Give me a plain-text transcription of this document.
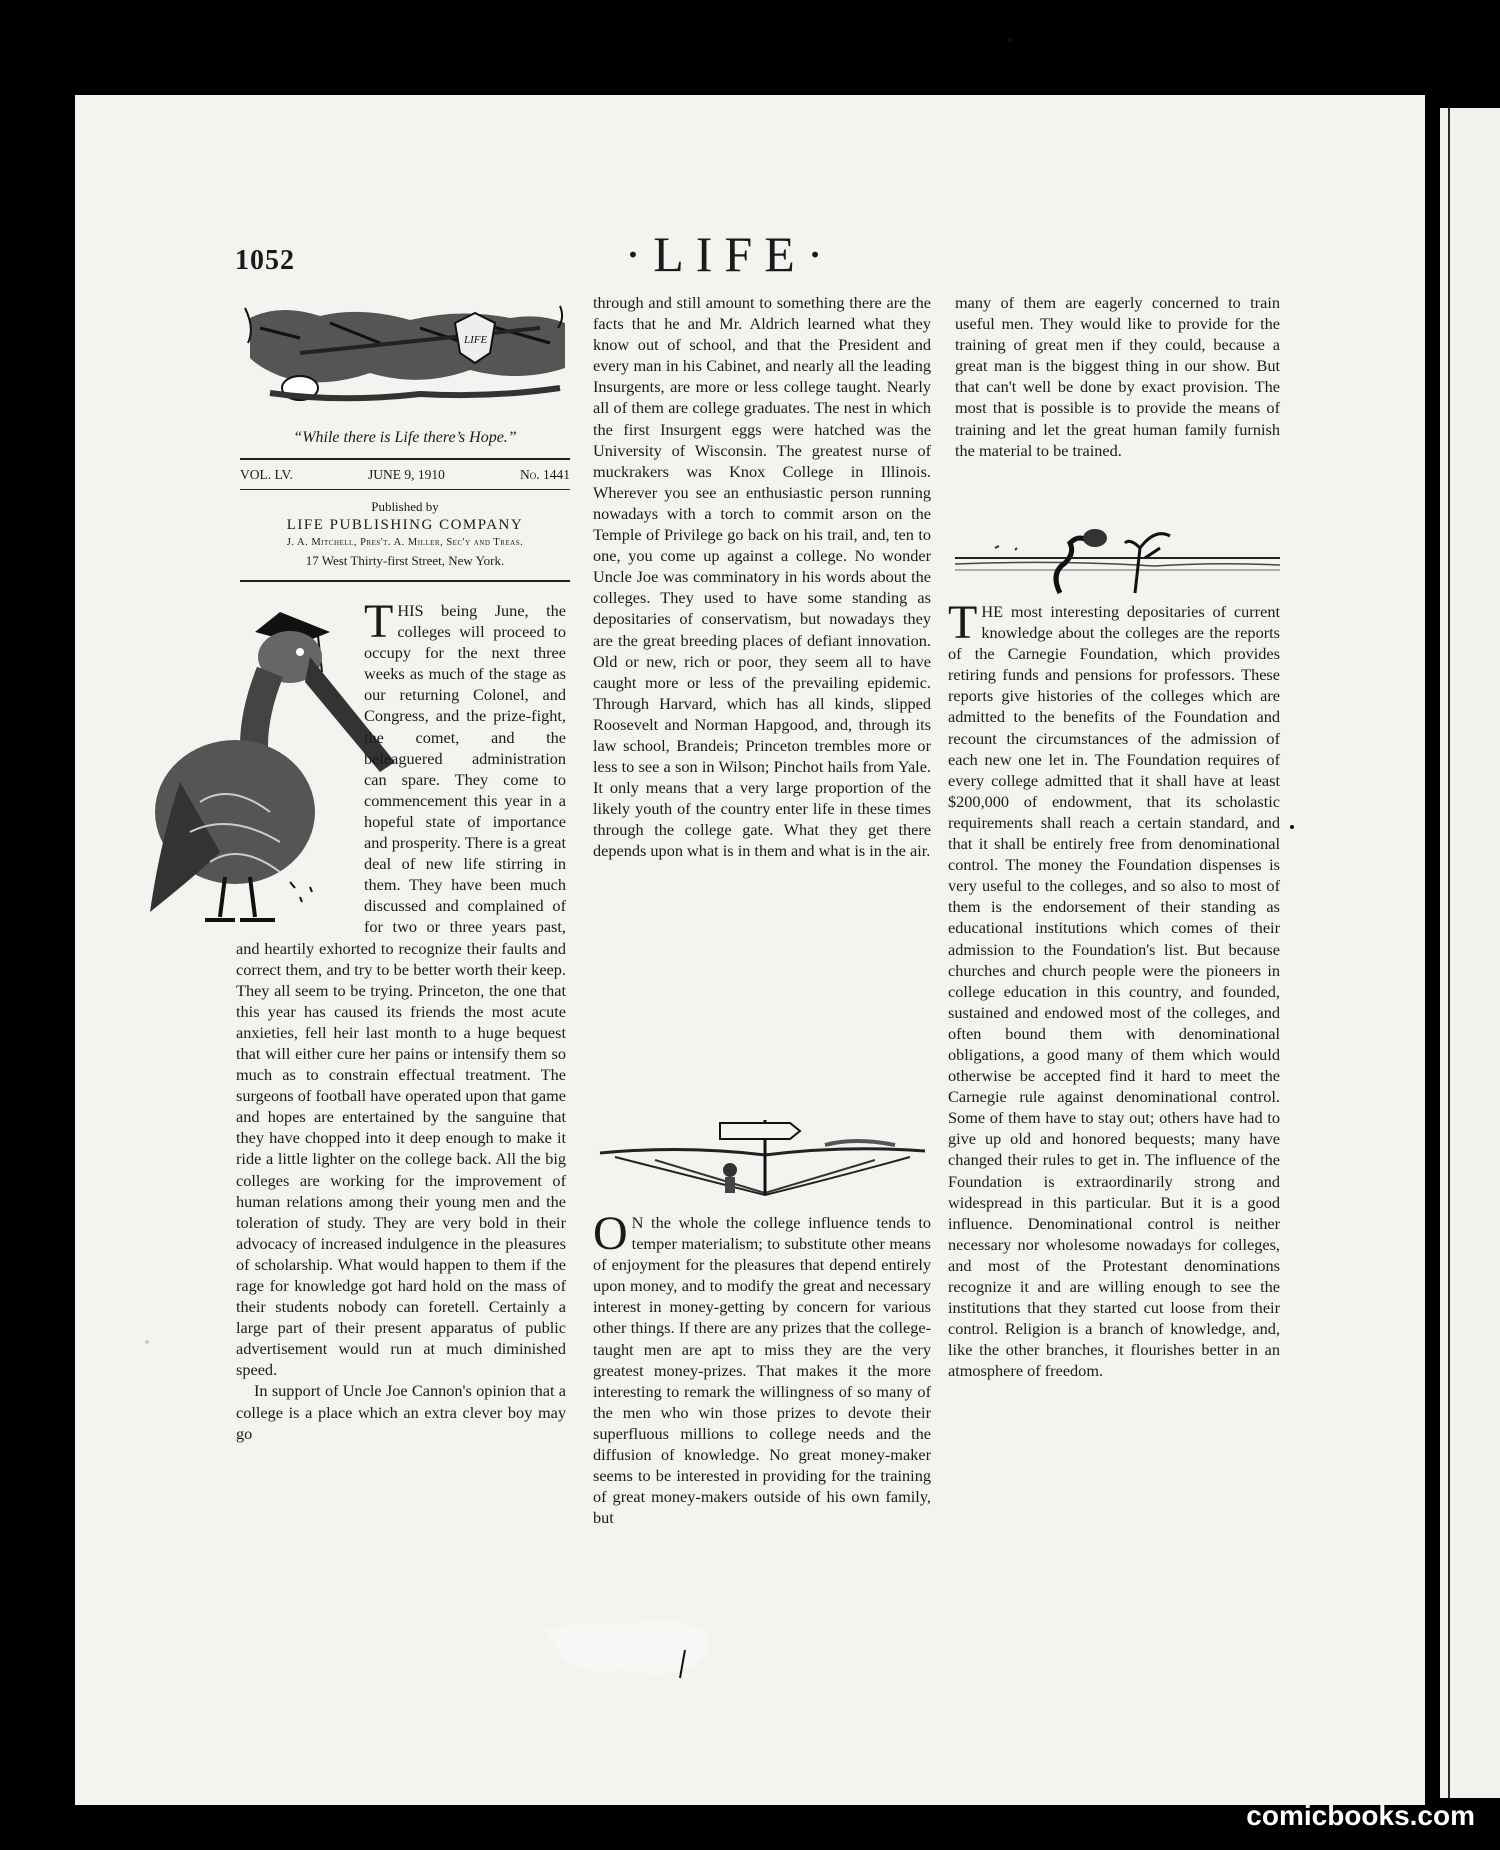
1052	·LIFE·
LIFE
“While there is Life there’s Hope.”
VOL. LV.	JUNE 9, 1910	No. 1441
Published by
LIFE PUBLISHING COMPANY
J. A. Mitchell, Pres't. A. Miller, Sec'y and Treas.
17 West Thirty-first Street, New York.

THIS being June, the colleges will proceed to occupy for the next three weeks as much of the stage as our returning Colonel, and Congress, and the prize-fight, the comet, and the beleaguered administration can spare. They come to commencement this year in a hopeful state of importance and prosperity. There is a great deal of new life stirring in them. They have been much discussed and complained of for two or three years past, and heartily exhorted to recognize their faults and correct them, and try to be better worth their keep. They all seem to be trying. Princeton, the one that this year has caused its friends the most acute anxieties, fell heir last month to a huge bequest that will either cure her pains or intensify them so much as to constrain effectual treatment. The surgeons of football have operated upon that game and hopes are entertained by the sanguine that they have chopped into it deep enough to make it ride a little lighter on the college back. All the big colleges are working for the improvement of human relations among their young men and the toleration of study. They are very bold in their advocacy of increased indulgence in the pleasures of scholarship. What would happen to them if the rage for knowledge got hard hold on the mass of their students nobody can foretell. Certainly a large part of their present apparatus of public advertisement would run at much diminished speed.

In support of Uncle Joe Cannon's opinion that a college is a place which an extra clever boy may go

through and still amount to something there are the facts that he and Mr. Aldrich learned what they know out of school, and that the President and every man in his Cabinet, and nearly all the leading Insurgents, are more or less college taught. Nearly all of them are college graduates. The nest in which the first Insurgent eggs were hatched was the University of Wisconsin. The greatest nurse of muckrakers was Knox College in Illinois. Wherever you see an enthusiastic person running nowadays with a torch to commit arson on the Temple of Privilege go back on his trail, and, ten to one, you come up against a college. No wonder Uncle Joe was comminatory in his words about the colleges. They used to have some standing as depositaries of conservatism, but nowadays they are the great breeding places of defiant innovation. Old or new, rich or poor, they seem all to have caught more or less of the prevailing epidemic. Through Harvard, which has all kinds, slipped Roosevelt and Norman Hapgood, and, through its law school, Brandeis; Princeton trembles more or less to see a son in Wilson; Pinchot hails from Yale. It only means that a very large proportion of the likely youth of the country enter life in these times through the college gate. What they get there depends upon what is in them and what is in the air.

O N the whole the college influence tends to temper materialism; to substitute other means of enjoyment for the pleasures that depend entirely upon money, and to modify the great and necessary interest in money-getting by concern for various other things. If there are any prizes that the college-taught men are apt to miss they are the very greatest money-prizes. That makes it the more interesting to remark the willingness of so many of the men who win those prizes to devote their superfluous millions to college needs and the diffusion of knowledge. No great money-maker seems to be interested in providing for the training of great money-makers outside of his own family, but

many of them are eagerly concerned to train useful men. They would like to provide for the training of great men if they could, because a great man is the biggest thing in our show. But that can't well be done by exact provision. The most that is possible is to provide the means of training and let the great human family furnish the material to be trained.

THE most interesting depositaries of current knowledge about the colleges are the reports of the Carnegie Foundation, which provides retiring funds and pensions for professors. These reports give histories of the colleges which are admitted to the benefits of the Foundation and recount the circumstances of the admission of each new one let in. The Foundation requires of every college admitted that it shall have at least $200,000 of endowment, that its scholastic requirements shall reach a certain standard, and that it shall be entirely free from denominational control. The money the Foundation dispenses is very useful to the colleges, and so also to most of them is the endorsement of their standing as educational institutions which comes of their admission to the Foundation's list. But because churches and church people were the pioneers in college education in this country, and founded, sustained and endowed most of the colleges, and often bound them with denominational obligations, a good many of them which would otherwise be accepted find it hard to meet the Carnegie rule against denominational control. Some of them have to stay out; others have had to give up old and honored bequests; many have changed their rules to get in. The influence of the Foundation is extraordinarily strong and widespread in this particular. But it is a good influence. Denominational control is neither necessary nor wholesome nowadays for colleges, and most of the Protestant denominations recognize it and are willing enough to see the institutions that they started cut loose from their control. Religion is a branch of knowledge, and, like the other branches, it flourishes better in an atmosphere of freedom.

comicbooks.com
